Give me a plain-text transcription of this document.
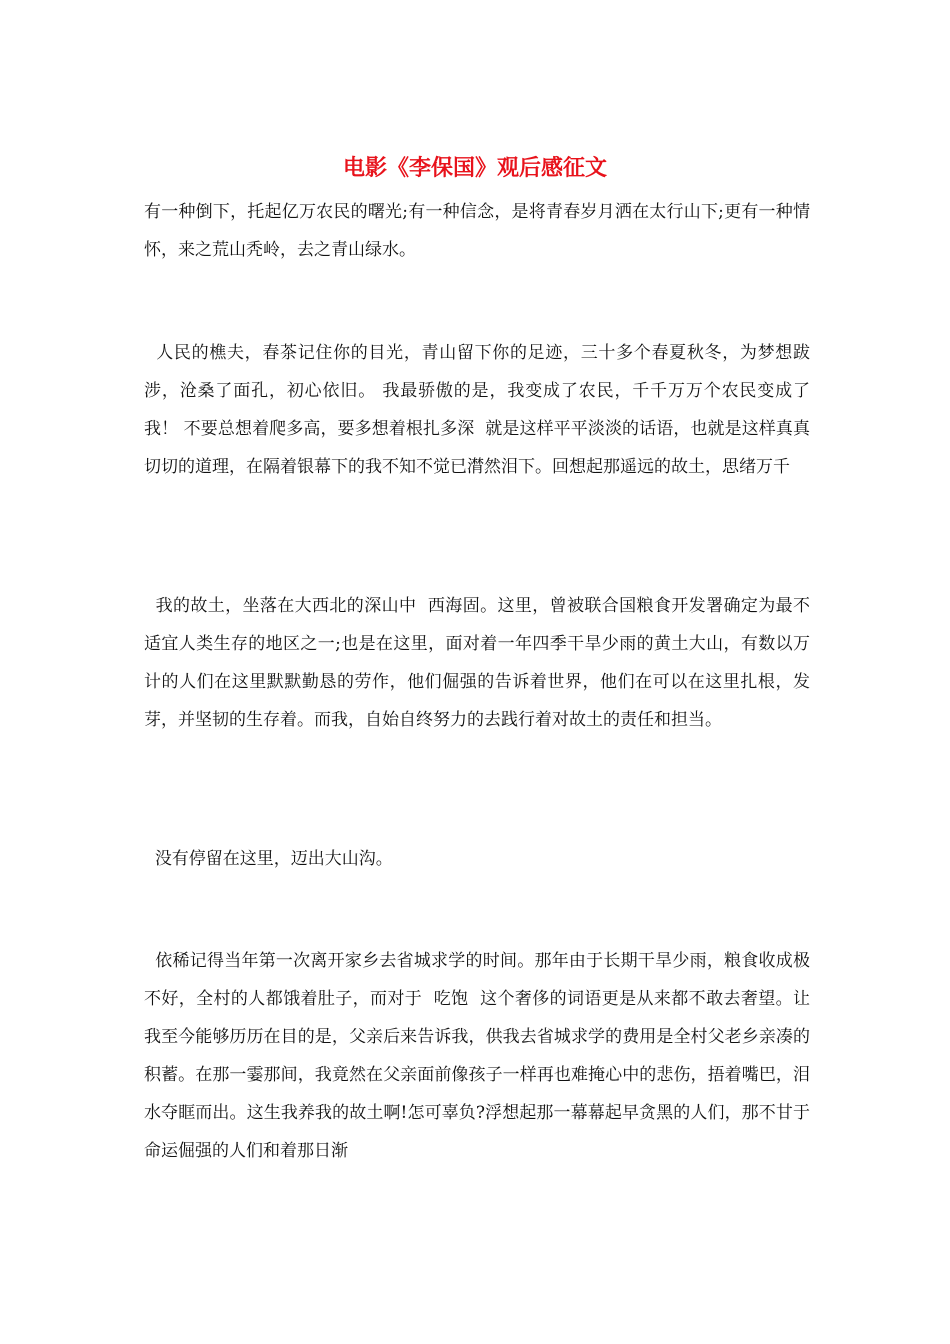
电影《李保国》观后感征文

有一种倒下，托起亿万农民的曙光;有一种信念，是将青春岁月洒在太行山下;更有一种情怀，来之荒山秃岭，去之青山绿水。

人民的樵夫，春茶记住你的目光，青山留下你的足迹，三十多个春夏秋冬，为梦想跋涉，沧桑了面孔，初心依旧。 我最骄傲的是，我变成了农民，千千万万个农民变成了我！ 不要总想着爬多高，要多想着根扎多深  就是这样平平淡淡的话语，也就是这样真真切切的道理，在隔着银幕下的我不知不觉已潸然泪下。回想起那遥远的故土，思绪万千

我的故土，坐落在大西北的深山中  西海固。这里，曾被联合国粮食开发署确定为最不适宜人类生存的地区之一;也是在这里，面对着一年四季干旱少雨的黄土大山，有数以万计的人们在这里默默勤恳的劳作，他们倔强的告诉着世界，他们在可以在这里扎根，发芽，并坚韧的生存着。而我，自始自终努力的去践行着对故土的责任和担当。

没有停留在这里，迈出大山沟。

依稀记得当年第一次离开家乡去省城求学的时间。那年由于长期干旱少雨，粮食收成极不好，全村的人都饿着肚子，而对于  吃饱  这个奢侈的词语更是从来都不敢去奢望。让我至今能够历历在目的是，父亲后来告诉我，供我去省城求学的费用是全村父老乡亲凑的积蓄。在那一霎那间，我竟然在父亲面前像孩子一样再也难掩心中的悲伤，捂着嘴巴，泪水夺眶而出。这生我养我的故土啊!怎可辜负?浮想起那一幕幕起早贪黑的人们，那不甘于命运倔强的人们和着那日渐
